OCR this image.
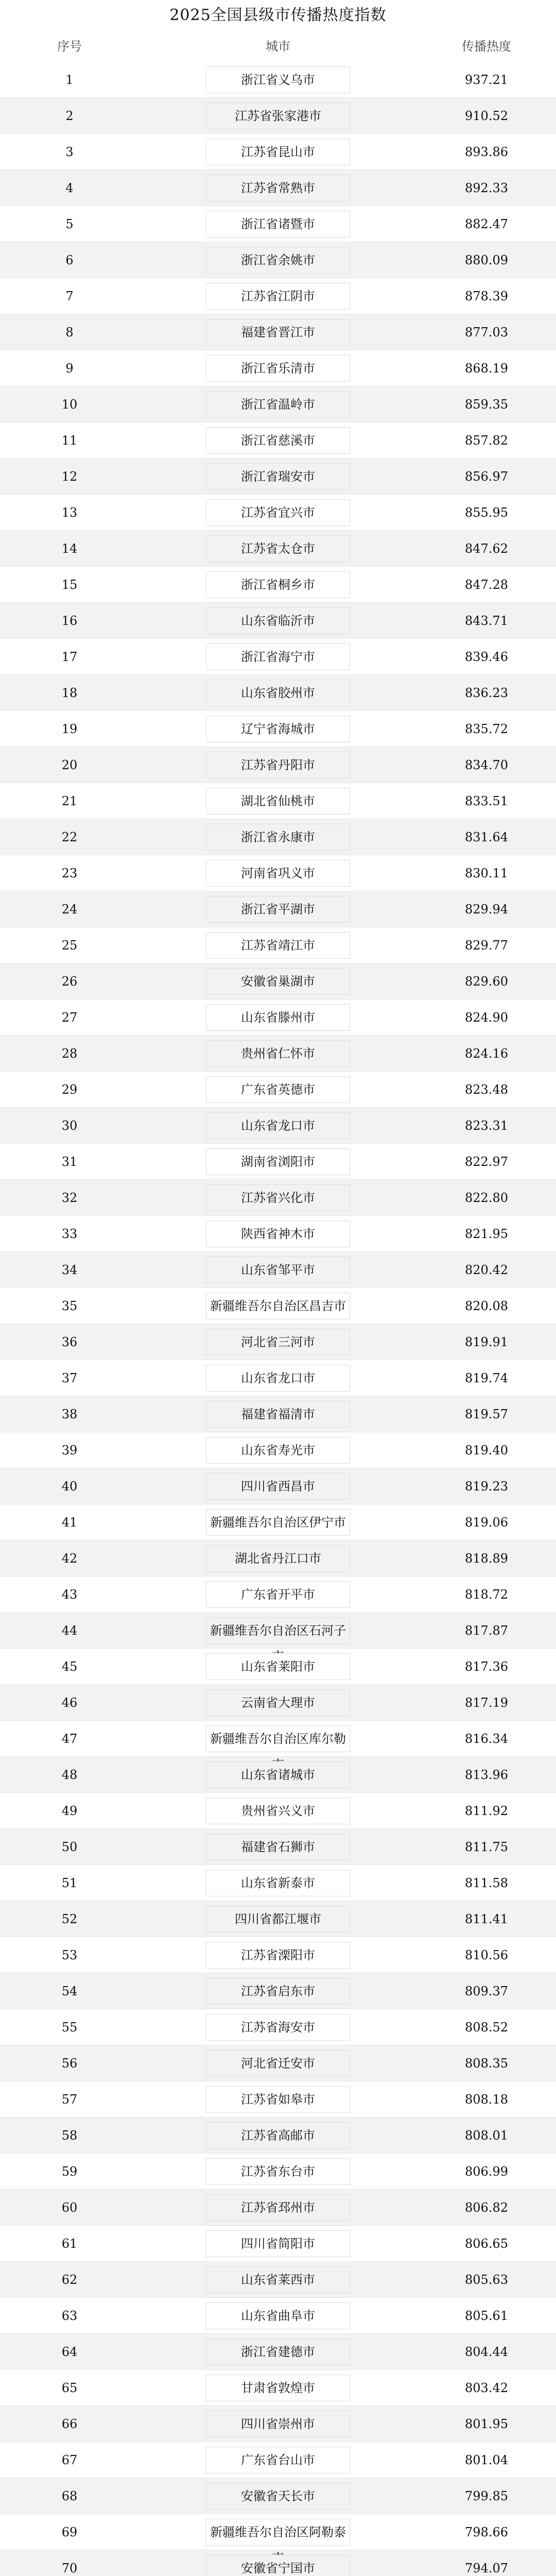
2025全国县级市传播热度指数
序号	城市	传播热度
1	浙江省义乌市	937.21
2	江苏省张家港市	910.52
3	江苏省昆山市	893.86
4	江苏省常熟市	892.33
5	浙江省诸暨市	882.47
6	浙江省余姚市	880.09
7	江苏省江阴市	878.39
8	福建省晋江市	877.03
9	浙江省乐清市	868.19
10	浙江省温岭市	859.35
11	浙江省慈溪市	857.82
12	浙江省瑞安市	856.97
13	江苏省宜兴市	855.95
14	江苏省太仓市	847.62
15	浙江省桐乡市	847.28
16	山东省临沂市	843.71
17	浙江省海宁市	839.46
18	山东省胶州市	836.23
19	辽宁省海城市	835.72
20	江苏省丹阳市	834.70
21	湖北省仙桃市	833.51
22	浙江省永康市	831.64
23	河南省巩义市	830.11
24	浙江省平湖市	829.94
25	江苏省靖江市	829.77
26	安徽省巢湖市	829.60
27	山东省滕州市	824.90
28	贵州省仁怀市	824.16
29	广东省英德市	823.48
30	山东省龙口市	823.31
31	湖南省浏阳市	822.97
32	江苏省兴化市	822.80
33	陕西省神木市	821.95
34	山东省邹平市	820.42
35	新疆维吾尔自治区昌吉市	820.08
36	河北省三河市	819.91
37	山东省龙口市	819.74
38	福建省福清市	819.57
39	山东省寿光市	819.40
40	四川省西昌市	819.23
41	新疆维吾尔自治区伊宁市	819.06
42	湖北省丹江口市	818.89
43	广东省开平市	818.72
44	新疆维吾尔自治区石河子	817.87
45	山东省莱阳市	817.36
46	云南省大理市	817.19
47	新疆维吾尔自治区库尔勒	816.34
48	山东省诸城市	813.96
49	贵州省兴义市	811.92
50	福建省石狮市	811.75
51	山东省新泰市	811.58
52	四川省都江堰市	811.41
53	江苏省溧阳市	810.56
54	江苏省启东市	809.37
55	江苏省海安市	808.52
56	河北省迁安市	808.35
57	江苏省如皋市	808.18
58	江苏省高邮市	808.01
59	江苏省东台市	806.99
60	江苏省邳州市	806.82
61	四川省简阳市	806.65
62	山东省莱西市	805.63
63	山东省曲阜市	805.61
64	浙江省建德市	804.44
65	甘肃省敦煌市	803.42
66	四川省崇州市	801.95
67	广东省台山市	801.04
68	安徽省天长市	799.85
69	新疆维吾尔自治区阿勒泰	798.66
70	安徽省宁国市	794.07
